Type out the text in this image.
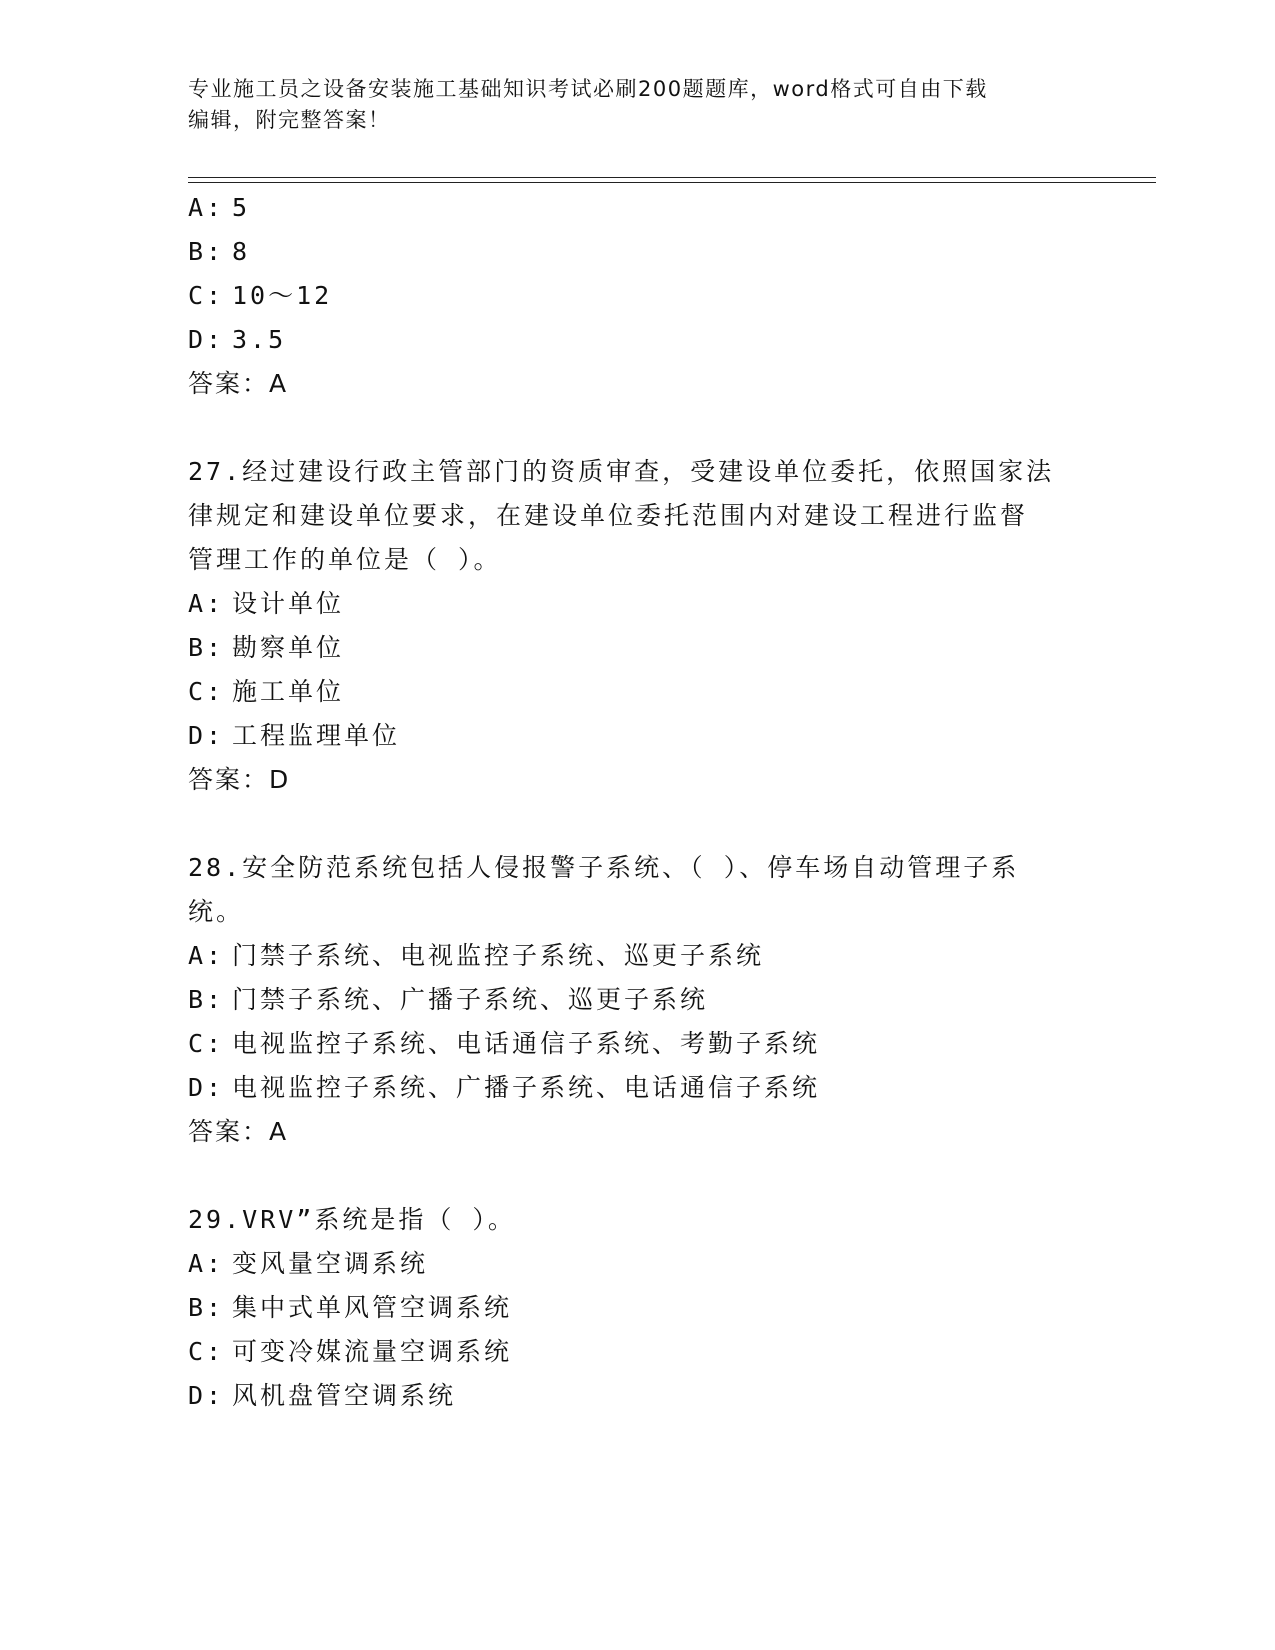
专业施工员之设备安装施工基础知识考试必刷200题题库，word格式可自由下载
编辑，附完整答案！
A: 5
B: 8
C: 10～12
D: 3.5
答案：A
27.经过建设行政主管部门的资质审查，受建设单位委托，依照国家法
律规定和建设单位要求，在建设单位委托范围内对建设工程进行监督
管理工作的单位是（ ）。
A: 设计单位
B: 勘察单位
C: 施工单位
D: 工程监理单位
答案：D
28.安全防范系统包括人侵报警子系统、（ ）、停车场自动管理子系
统。
A: 门禁子系统、电视监控子系统、巡更子系统
B: 门禁子系统、广播子系统、巡更子系统
C: 电视监控子系统、电话通信子系统、考勤子系统
D: 电视监控子系统、广播子系统、电话通信子系统
答案：A
29.VRV”系统是指（ ）。
A: 变风量空调系统
B: 集中式单风管空调系统
C: 可变冷媒流量空调系统
D: 风机盘管空调系统
